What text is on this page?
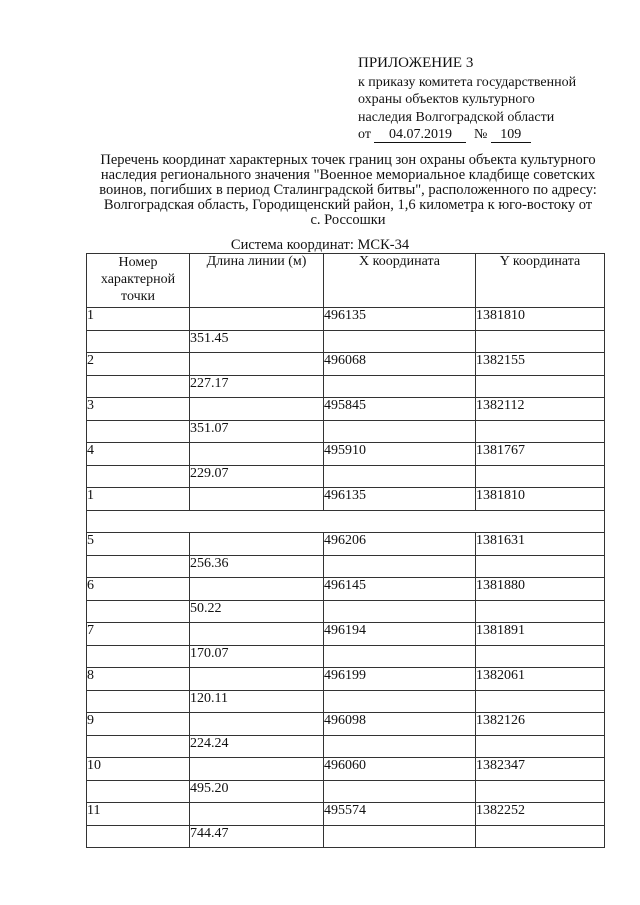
ПРИЛОЖЕНИЕ 3
к приказу комитета государственной
охраны объектов культурного
наследия Волгоградской области
от 04.07.2019 № 109
Перечень координат характерных точек границ зон охраны объекта культурного
наследия регионального значения "Военное мемориальное кладбище советских
воинов, погибших в период Сталинградской битвы", расположенного по адресу:
Волгоградская область, Городищенский район, 1,6 километра к юго-востоку от
с. Россошки
Система координат: МСК-34
Номер характерной точки	Длина линии (м)	Х координата	Y координата
1		496135	1381810
	351.45		
2		496068	1382155
	227.17		
3		495845	1382112
	351.07		
4		495910	1381767
	229.07		
1		496135	1381810

5		496206	1381631
	256.36		
6		496145	1381880
	50.22		
7		496194	1381891
	170.07		
8		496199	1382061
	120.11		
9		496098	1382126
	224.24		
10		496060	1382347
	495.20		
11		495574	1382252
	744.47		
